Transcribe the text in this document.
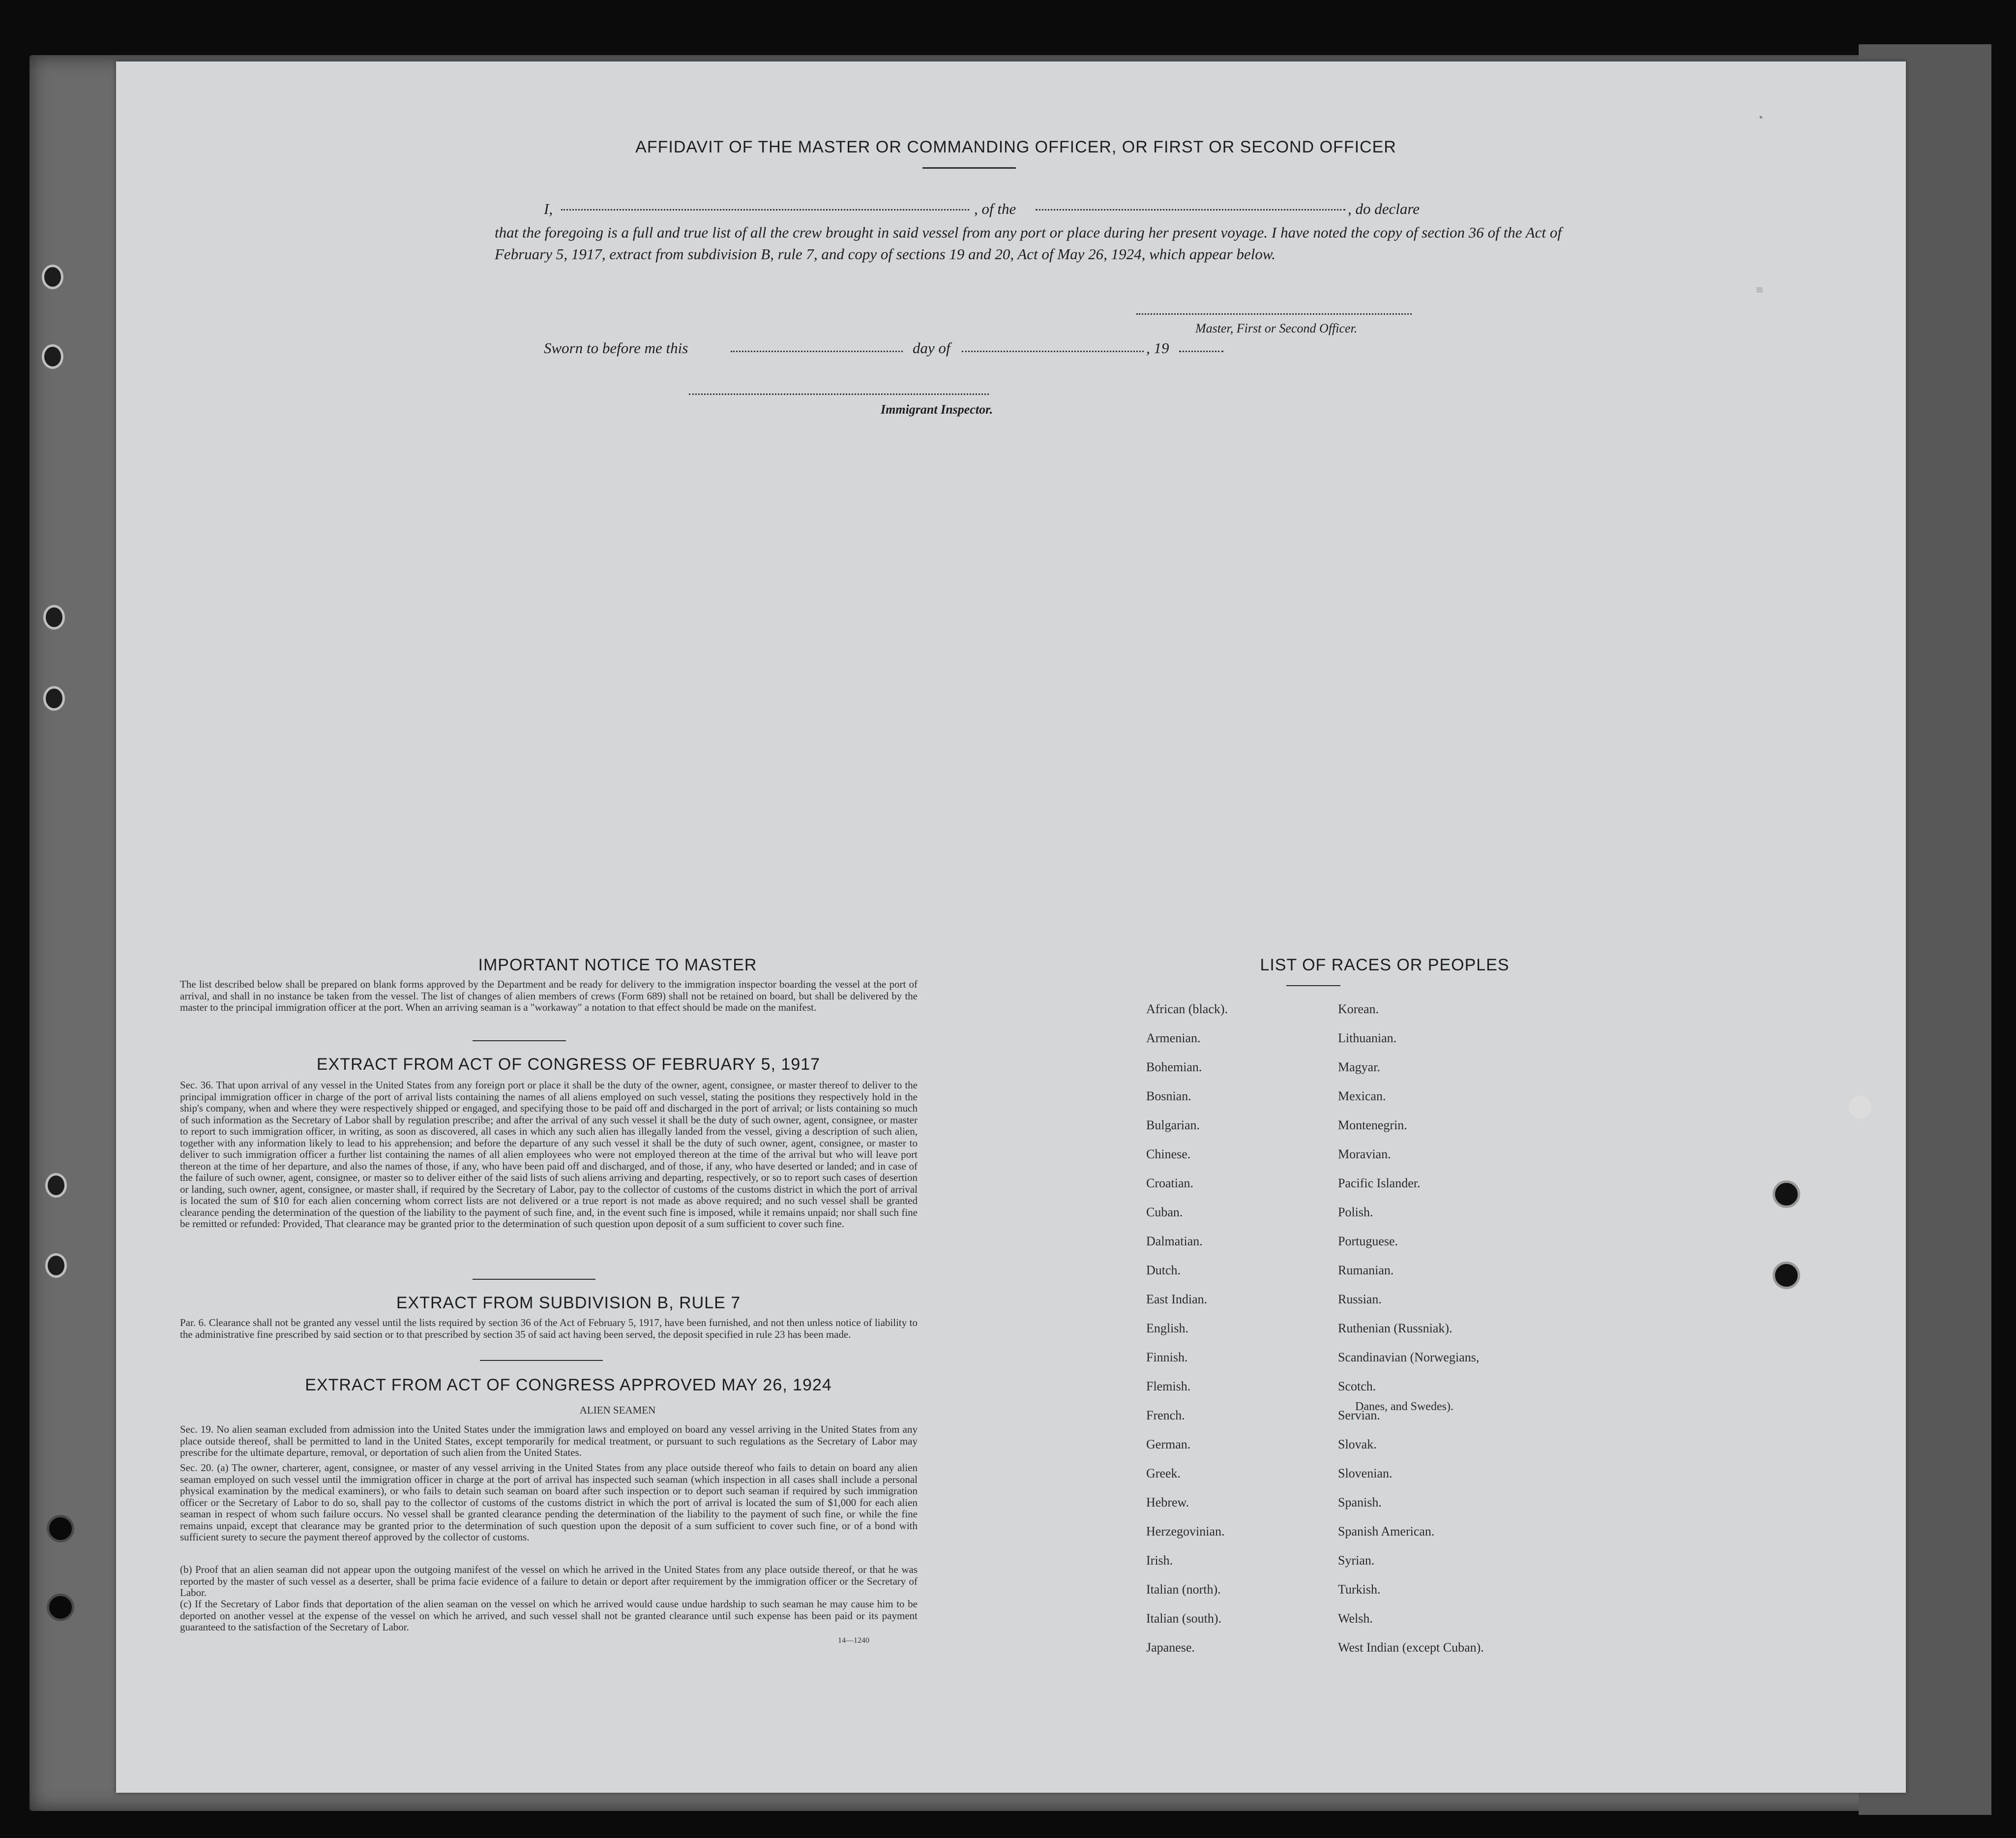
AFFIDAVIT OF THE MASTER OR COMMANDING OFFICER, OR FIRST OR SECOND OFFICER
I,	, of the	, do declare
that the foregoing is a full and true list of all the crew brought in said vessel from any port or place during her present voyage. I have noted the copy of section 36 of the Act of February 5, 1917, extract from subdivision B, rule 7, and copy of sections 19 and 20, Act of May 26, 1924, which appear below.
Master, First or Second Officer.
Sworn to before me this	day of	, 19
Immigrant Inspector.
IMPORTANT NOTICE TO MASTER
The list described below shall be prepared on blank forms approved by the Department and be ready for delivery to the immigration inspector boarding the vessel at the port of arrival, and shall in no instance be taken from the vessel. The list of changes of alien members of crews (Form 689) shall not be retained on board, but shall be delivered by the master to the principal immigration officer at the port. When an arriving seaman is a "workaway" a notation to that effect should be made on the manifest.
EXTRACT FROM ACT OF CONGRESS OF FEBRUARY 5, 1917
Sec. 36. That upon arrival of any vessel in the United States from any foreign port or place it shall be the duty of the owner, agent, consignee, or master thereof to deliver to the principal immigration officer in charge of the port of arrival lists containing the names of all aliens employed on such vessel, stating the positions they respectively hold in the ship's company, when and where they were respectively shipped or engaged, and specifying those to be paid off and discharged in the port of arrival; or lists containing so much of such information as the Secretary of Labor shall by regulation prescribe; and after the arrival of any such vessel it shall be the duty of such owner, agent, consignee, or master to report to such immigration officer, in writing, as soon as discovered, all cases in which any such alien has illegally landed from the vessel, giving a description of such alien, together with any information likely to lead to his apprehension; and before the departure of any such vessel it shall be the duty of such owner, agent, consignee, or master to deliver to such immigration officer a further list containing the names of all alien employees who were not employed thereon at the time of the arrival but who will leave port thereon at the time of her departure, and also the names of those, if any, who have been paid off and discharged, and of those, if any, who have deserted or landed; and in case of the failure of such owner, agent, consignee, or master so to deliver either of the said lists of such aliens arriving and departing, respectively, or so to report such cases of desertion or landing, such owner, agent, consignee, or master shall, if required by the Secretary of Labor, pay to the collector of customs of the customs district in which the port of arrival is located the sum of $10 for each alien concerning whom correct lists are not delivered or a true report is not made as above required; and no such vessel shall be granted clearance pending the determination of the question of the liability to the payment of such fine, and, in the event such fine is imposed, while it remains unpaid; nor shall such fine be remitted or refunded: Provided, That clearance may be granted prior to the determination of such question upon deposit of a sum sufficient to cover such fine.
EXTRACT FROM SUBDIVISION B, RULE 7
Par. 6. Clearance shall not be granted any vessel until the lists required by section 36 of the Act of February 5, 1917, have been furnished, and not then unless notice of liability to the administrative fine prescribed by said section or to that prescribed by section 35 of said act having been served, the deposit specified in rule 23 has been made.
EXTRACT FROM ACT OF CONGRESS APPROVED MAY 26, 1924
ALIEN SEAMEN
Sec. 19. No alien seaman excluded from admission into the United States under the immigration laws and employed on board any vessel arriving in the United States from any place outside thereof, shall be permitted to land in the United States, except temporarily for medical treatment, or pursuant to such regulations as the Secretary of Labor may prescribe for the ultimate departure, removal, or deportation of such alien from the United States.
Sec. 20. (a) The owner, charterer, agent, consignee, or master of any vessel arriving in the United States from any place outside thereof who fails to detain on board any alien seaman employed on such vessel until the immigration officer in charge at the port of arrival has inspected such seaman (which inspection in all cases shall include a personal physical examination by the medical examiners), or who fails to detain such seaman on board after such inspection or to deport such seaman if required by such immigration officer or the Secretary of Labor to do so, shall pay to the collector of customs of the customs district in which the port of arrival is located the sum of $1,000 for each alien seaman in respect of whom such failure occurs. No vessel shall be granted clearance pending the determination of the liability to the payment of such fine, or while the fine remains unpaid, except that clearance may be granted prior to the determination of such question upon the deposit of a sum sufficient to cover such fine, or of a bond with sufficient surety to secure the payment thereof approved by the collector of customs.
(b) Proof that an alien seaman did not appear upon the outgoing manifest of the vessel on which he arrived in the United States from any place outside thereof, or that he was reported by the master of such vessel as a deserter, shall be prima facie evidence of a failure to detain or deport after requirement by the immigration officer or the Secretary of Labor.
(c) If the Secretary of Labor finds that deportation of the alien seaman on the vessel on which he arrived would cause undue hardship to such seaman he may cause him to be deported on another vessel at the expense of the vessel on which he arrived, and such vessel shall not be granted clearance until such expense has been paid or its payment guaranteed to the satisfaction of the Secretary of Labor.
14—1240
LIST OF RACES OR PEOPLES
African (black).
Armenian.
Bohemian.
Bosnian.
Bulgarian.
Chinese.
Croatian.
Cuban.
Dalmatian.
Dutch.
East Indian.
English.
Finnish.
Flemish.
French.
German.
Greek.
Hebrew.
Herzegovinian.
Irish.
Italian (north).
Italian (south).
Japanese.
Korean.
Lithuanian.
Magyar.
Mexican.
Montenegrin.
Moravian.
Pacific Islander.
Polish.
Portuguese.
Rumanian.
Russian.
Ruthenian (Russniak).
Scandinavian (Norwegians,
Scotch.
Servian.
Slovak.
Slovenian.
Spanish.
Spanish American.
Syrian.
Turkish.
Welsh.
West Indian (except Cuban).
Danes, and Swedes).
◔
≡
